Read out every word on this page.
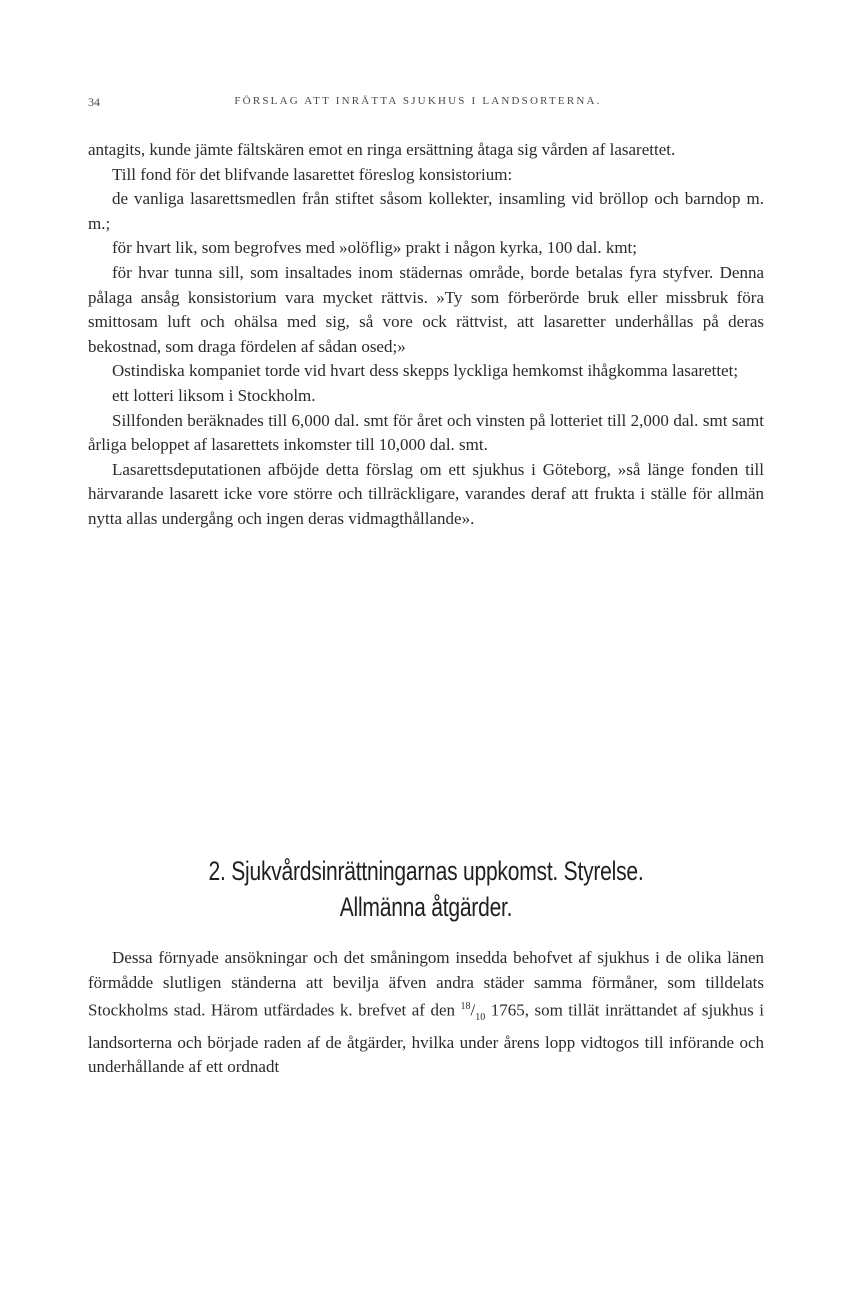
34	FÖRSLAG ATT INRÄTTA SJUKHUS I LANDSORTERNA.

antagits, kunde jämte fältskären emot en ringa ersättning åtaga sig vården af lasarettet.

Till fond för det blifvande lasarettet föreslog konsistorium:

de vanliga lasarettsmedlen från stiftet såsom kollekter, insamling vid bröllop och barndop m. m.;

för hvart lik, som begrofves med »olöflig» prakt i någon kyrka, 100 dal. kmt;

för hvar tunna sill, som insaltades inom städernas område, borde betalas fyra styfver. Denna pålaga ansåg konsistorium vara mycket rättvis. »Ty som förberörde bruk eller missbruk föra smittosam luft och ohälsa med sig, så vore ock rättvist, att lasaretter underhållas på deras bekostnad, som draga fördelen af sådan osed;»

Ostindiska kompaniet torde vid hvart dess skepps lyckliga hemkomst ihågkomma lasarettet;

ett lotteri liksom i Stockholm.

Sillfonden beräknades till 6,000 dal. smt för året och vinsten på lotteriet till 2,000 dal. smt samt årliga beloppet af lasarettets inkomster till 10,000 dal. smt.

Lasarettsdeputationen afböjde detta förslag om ett sjukhus i Göteborg, »så länge fonden till härvarande lasarett icke vore större och tillräckligare, varandes deraf att frukta i ställe för allmän nytta allas undergång och ingen deras vidmagthållande».

2. Sjukvårdsinrättningarnas uppkomst. Styrelse.
Allmänna åtgärder.

Dessa förnyade ansökningar och det småningom insedda behofvet af sjukhus i de olika länen förmådde slutligen ständerna att bevilja äfven andra städer samma förmåner, som tilldelats Stockholms stad. Härom utfärdades k. brefvet af den $^{18}/_{10}$ 1765, som tillät inrättandet af sjukhus i landsorterna och började raden af de åtgärder, hvilka under årens lopp vidtogos till införande och underhållande af ett ordnadt
